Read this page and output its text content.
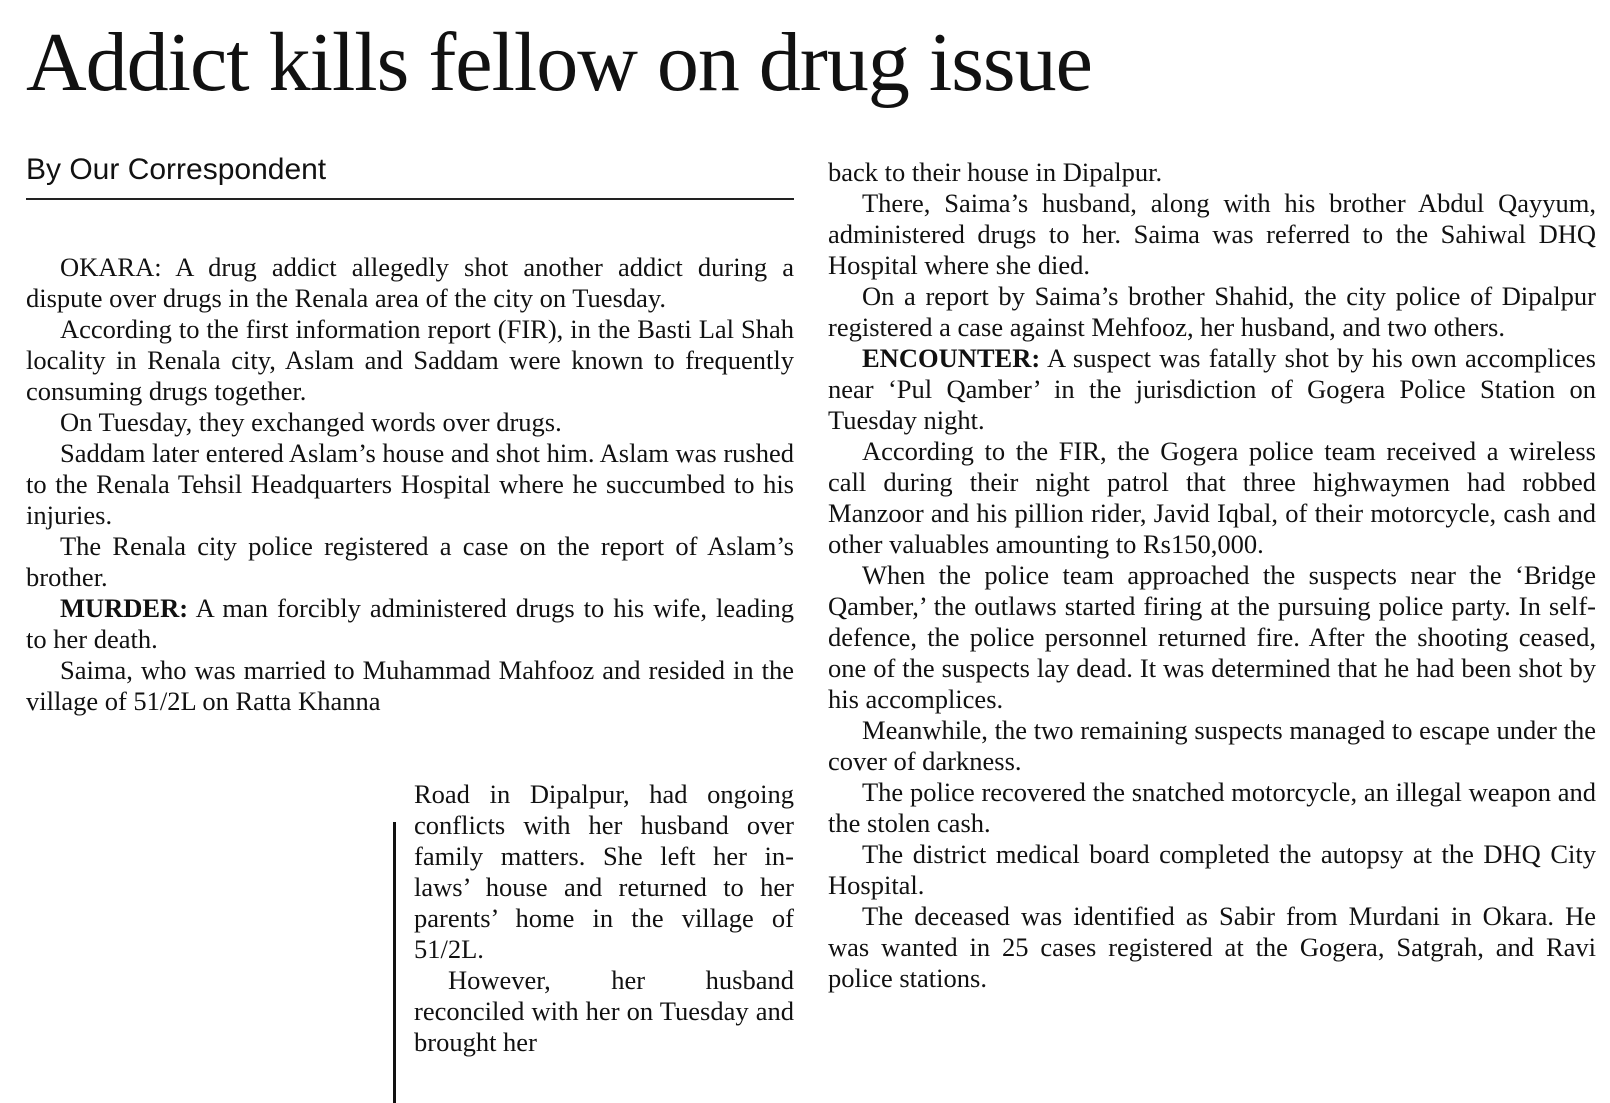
Addict kills fellow on drug issue
By Our Correspondent

OKARA: A drug addict allegedly shot another addict during a dispute over drugs in the Renala area of the city on Tuesday.

According to the first information report (FIR), in the Basti Lal Shah locality in Renala city, Aslam and Saddam were known to frequently consuming drugs together.

On Tuesday, they exchanged words over drugs.

Saddam later entered Aslam’s house and shot him. Aslam was rushed to the Renala Tehsil Headquarters Hospital where he succumbed to his injuries.

The Renala city police registered a case on the report of Aslam’s brother.

MURDER: A man forcibly administered drugs to his wife, leading to her death.

Saima, who was married to Muhammad Mahfooz and resided in the village of 51/2L on Ratta Khanna

Road in Dipalpur, had ongoing conflicts with her husband over family matters. She left her in-laws’ house and returned to her parents’ home in the village of 51/2L.

However, her husband reconciled with her on Tuesday and brought her

back to their house in Dipalpur.

There, Saima’s husband, along with his brother Abdul Qayyum, administered drugs to her. Saima was referred to the Sahiwal DHQ Hospital where she died.

On a report by Saima’s brother Shahid, the city police of Dipalpur registered a case against Mehfooz, her husband, and two others.

ENCOUNTER: A suspect was fatally shot by his own accomplices near ‘Pul Qamber’ in the jurisdiction of Gogera Police Station on Tuesday night.

According to the FIR, the Gogera police team received a wireless call during their night patrol that three highwaymen had robbed Manzoor and his pillion rider, Javid Iqbal, of their motorcycle, cash and other valuables amounting to Rs150,000.

When the police team approached the suspects near the ‘Bridge Qamber,’ the outlaws started firing at the pursuing police party. In self-defence, the police personnel returned fire. After the shooting ceased, one of the suspects lay dead. It was determined that he had been shot by his accomplices.

Meanwhile, the two remaining suspects managed to escape under the cover of darkness.

The police recovered the snatched motorcycle, an illegal weapon and the stolen cash.

The district medical board completed the autopsy at the DHQ City Hospital.

The deceased was identified as Sabir from Murdani in Okara. He was wanted in 25 cases registered at the Gogera, Satgrah, and Ravi police stations.
